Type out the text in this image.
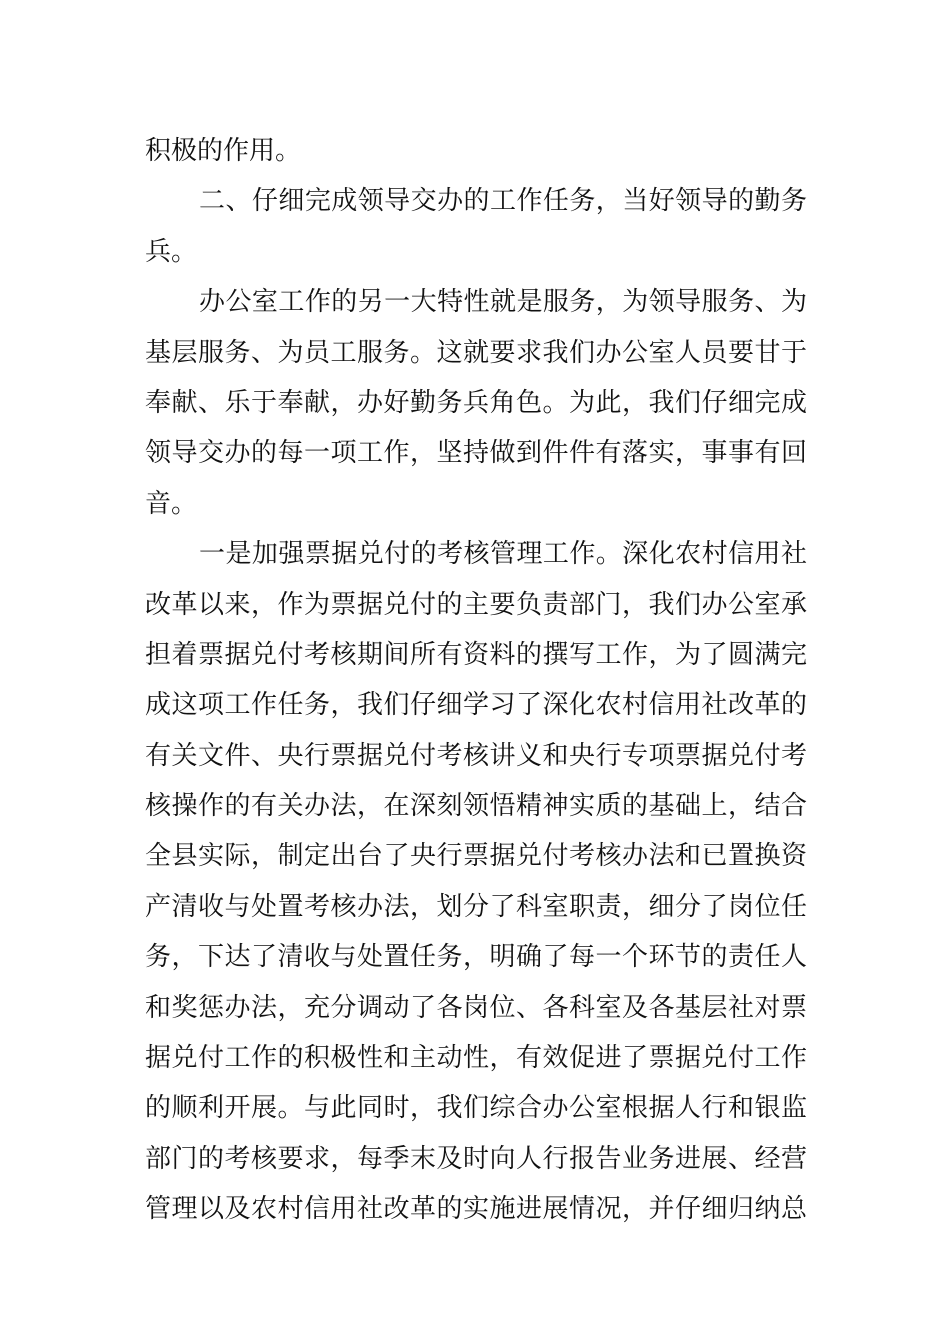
积极的作用。
二、仔细完成领导交办的工作任务，当好领导的勤务
兵。
办公室工作的另一大特性就是服务，为领导服务、为
基层服务、为员工服务。这就要求我们办公室人员要甘于
奉献、乐于奉献，办好勤务兵角色。为此，我们仔细完成
领导交办的每一项工作，坚持做到件件有落实，事事有回
音。
一是加强票据兑付的考核管理工作。深化农村信用社
改革以来，作为票据兑付的主要负责部门，我们办公室承
担着票据兑付考核期间所有资料的撰写工作，为了圆满完
成这项工作任务，我们仔细学习了深化农村信用社改革的
有关文件、央行票据兑付考核讲义和央行专项票据兑付考
核操作的有关办法，在深刻领悟精神实质的基础上，结合
全县实际，制定出台了央行票据兑付考核办法和已置换资
产清收与处置考核办法，划分了科室职责，细分了岗位任
务，下达了清收与处置任务，明确了每一个环节的责任人
和奖惩办法，充分调动了各岗位、各科室及各基层社对票
据兑付工作的积极性和主动性，有效促进了票据兑付工作
的顺利开展。与此同时，我们综合办公室根据人行和银监
部门的考核要求，每季末及时向人行报告业务进展、经营
管理以及农村信用社改革的实施进展情况，并仔细归纳总
